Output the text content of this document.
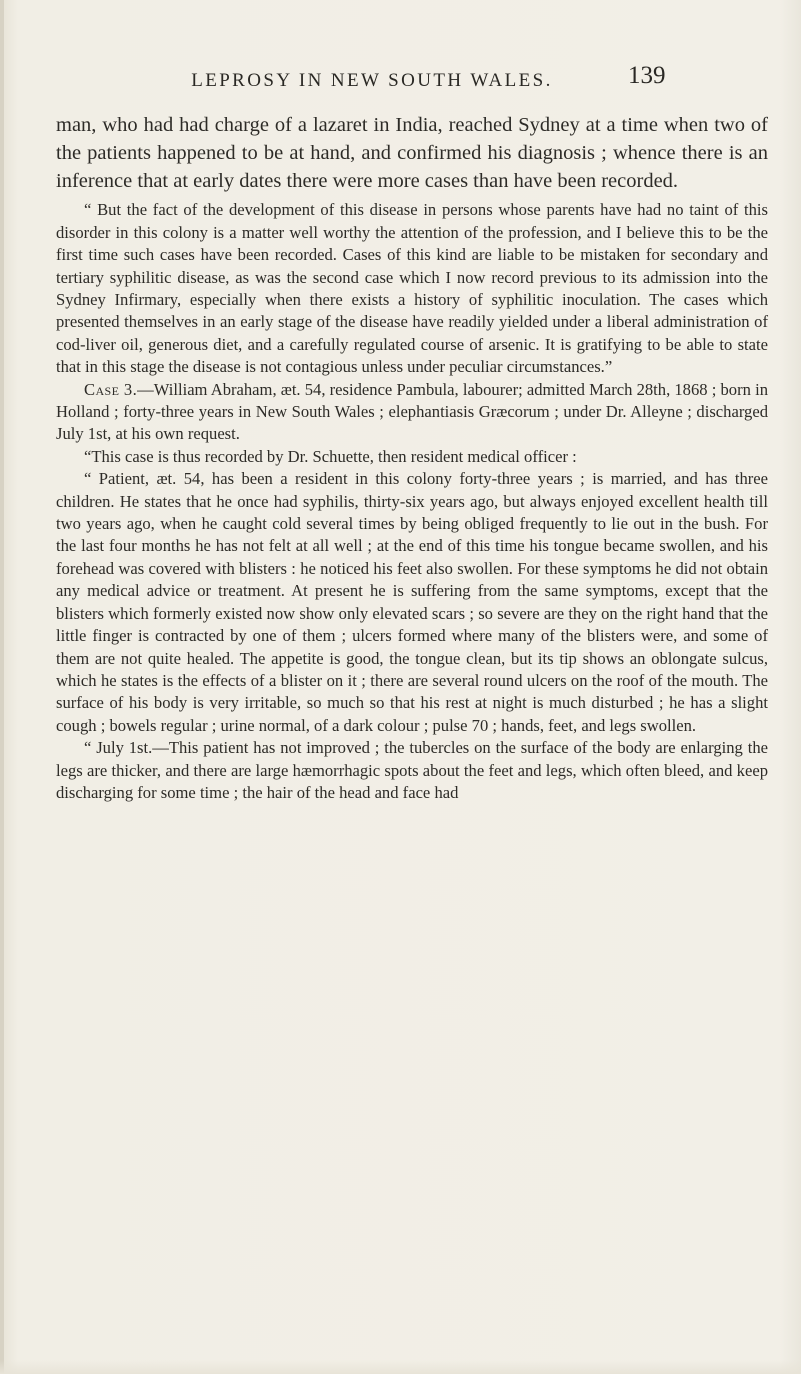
LEPROSY IN NEW SOUTH WALES.	139

man, who had had charge of a lazaret in India, reached Sydney at a time when two of the patients happened to be at hand, and confirmed his diagnosis ; whence there is an inference that at early dates there were more cases than have been recorded.

“ But the fact of the development of this disease in persons whose parents have had no taint of this disorder in this colony is a matter well worthy the attention of the profession, and I believe this to be the first time such cases have been recorded. Cases of this kind are liable to be mistaken for secondary and tertiary syphilitic disease, as was the second case which I now record previous to its admission into the Sydney Infirmary, especially when there exists a history of syphilitic inoculation. The cases which presented themselves in an early stage of the disease have readily yielded under a liberal administration of cod-liver oil, generous diet, and a carefully regulated course of arsenic. It is gratifying to be able to state that in this stage the disease is not contagious unless under peculiar circumstances.”

Case 3.—William Abraham, æt. 54, residence Pambula, labourer; admitted March 28th, 1868 ; born in Holland ; forty-three years in New South Wales ; elephantiasis Græcorum ; under Dr. Alleyne ; discharged July 1st, at his own request.

“This case is thus recorded by Dr. Schuette, then resident medical officer :

“ Patient, æt. 54, has been a resident in this colony forty-three years ; is married, and has three children. He states that he once had syphilis, thirty-six years ago, but always enjoyed excellent health till two years ago, when he caught cold several times by being obliged frequently to lie out in the bush. For the last four months he has not felt at all well ; at the end of this time his tongue became swollen, and his forehead was covered with blisters : he noticed his feet also swollen. For these symptoms he did not obtain any medical advice or treatment. At present he is suffering from the same symptoms, except that the blisters which formerly existed now show only elevated scars ; so severe are they on the right hand that the little finger is contracted by one of them ; ulcers formed where many of the blisters were, and some of them are not quite healed. The appetite is good, the tongue clean, but its tip shows an oblongate sulcus, which he states is the effects of a blister on it ; there are several round ulcers on the roof of the mouth. The surface of his body is very irritable, so much so that his rest at night is much disturbed ; he has a slight cough ; bowels regular ; urine normal, of a dark colour ; pulse 70 ; hands, feet, and legs swollen.

“ July 1st.—This patient has not improved ; the tubercles on the surface of the body are enlarging the legs are thicker, and there are large hæmorrhagic spots about the feet and legs, which often bleed, and keep discharging for some time ; the hair of the head and face had
